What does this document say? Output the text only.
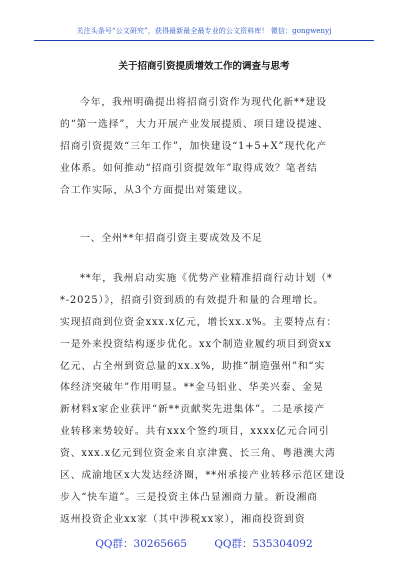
关注头条号“公文研究”，获得最新最全最专业的公文资料库！ 微信：gongwenyj
关于招商引资提质增效工作的调查与思考
今年，我州明确提出将招商引资作为现代化新**建设
的“第一选择”，大力开展产业发展提质、项目建设提速、
招商引资提效“三年工作”，加快建设“1+5+X”现代化产
业体系。如何推动“招商引资提效年”取得成效？笔者结
合工作实际，从3个方面提出对策建议。
一、全州**年招商引资主要成效及不足
**年，我州启动实施《优势产业精准招商行动计划（*
*-2025）》，招商引资到质的有效提升和量的合理增长。
实现招商到位资金xxx.x亿元，增长xx.x%。主要特点有：
一是外来投资结构逐步优化。xx个制造业履约项目到资xx
亿元、占全州到资总量的xx.x%，助推“制造强州”和“实
体经济突破年”作用明显。**金马铝业、华美兴泰、金晃
新材料x家企业获评“新**贡献奖先进集体”。二是承接产
业转移来势较好。共有xxx个签约项目，xxxx亿元合同引
资、xxx.x亿元到位资金来自京津冀、长三角、粤港澳大湾
区、成渝地区x大发达经济圈，**州承接产业转移示范区建设
步入“快车道”。三是投资主体凸显湘商力量。新设湘商
返州投资企业xx家（其中涉税xx家），湘商投资到资
QQ群：30265665	QQ群：535304092
